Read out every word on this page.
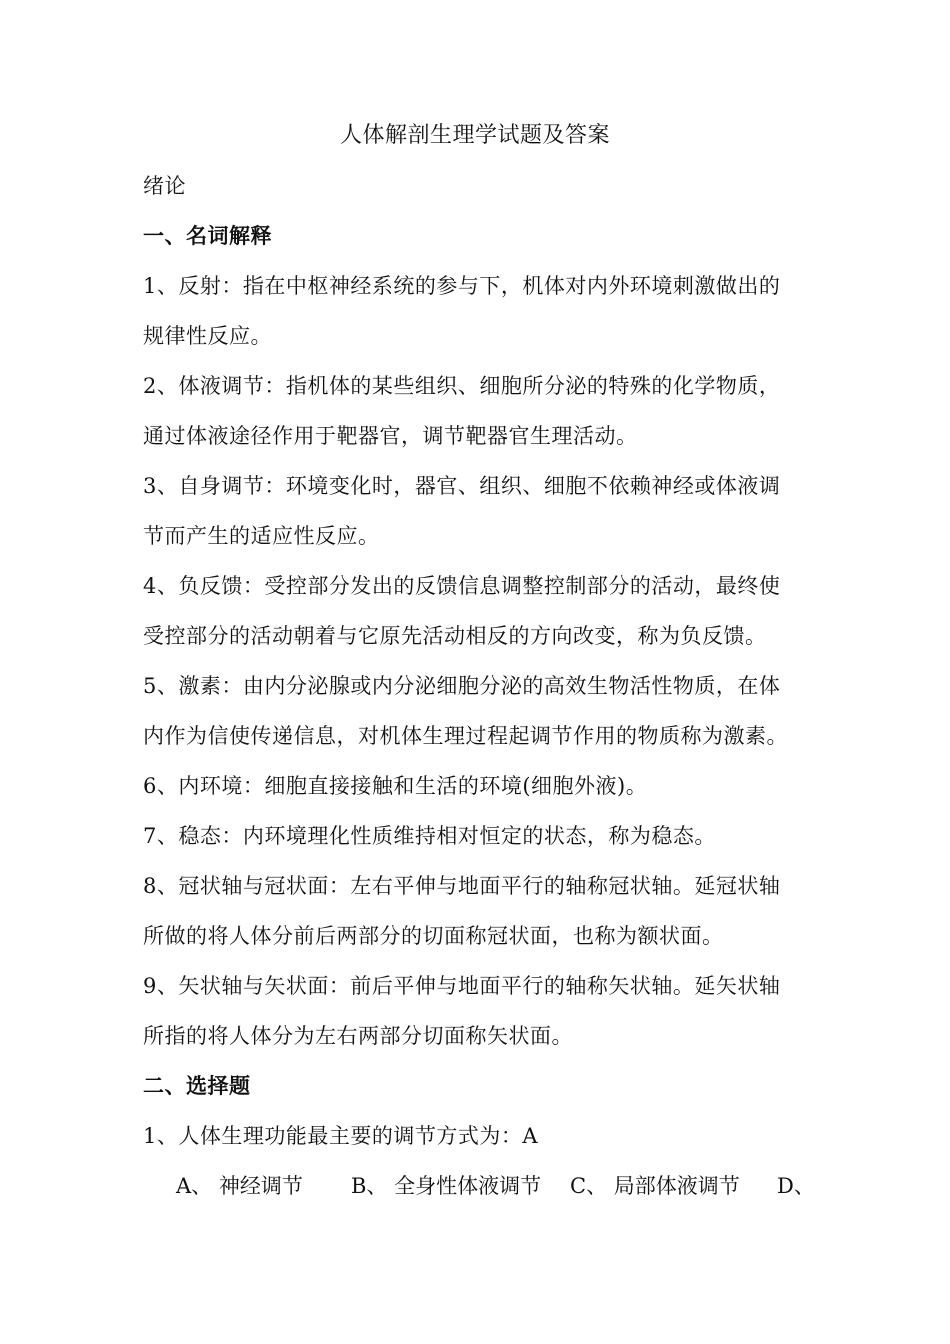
人体解剖生理学试题及答案
绪论
一、名词解释
1、反射：指在中枢神经系统的参与下，机体对内外环境刺激做出的
规律性反应。
2、体液调节：指机体的某些组织、细胞所分泌的特殊的化学物质，
通过体液途径作用于靶器官，调节靶器官生理活动。
3、自身调节：环境变化时，器官、组织、细胞不依赖神经或体液调
节而产生的适应性反应。
4、负反馈：受控部分发出的反馈信息调整控制部分的活动，最终使
受控部分的活动朝着与它原先活动相反的方向改变，称为负反馈。
5、激素：由内分泌腺或内分泌细胞分泌的高效生物活性物质，在体
内作为信使传递信息，对机体生理过程起调节作用的物质称为激素。
6、内环境：细胞直接接触和生活的环境(细胞外液)。
7、稳态：内环境理化性质维持相对恒定的状态，称为稳态。
8、冠状轴与冠状面：左右平伸与地面平行的轴称冠状轴。延冠状轴
所做的将人体分前后两部分的切面称冠状面，也称为额状面。
9、矢状轴与矢状面：前后平伸与地面平行的轴称矢状轴。延矢状轴
所指的将人体分为左右两部分切面称矢状面。
二、选择题
1、人体生理功能最主要的调节方式为：A
A、 神经调节 B、 全身性体液调节 C、 局部体液调节 D、
